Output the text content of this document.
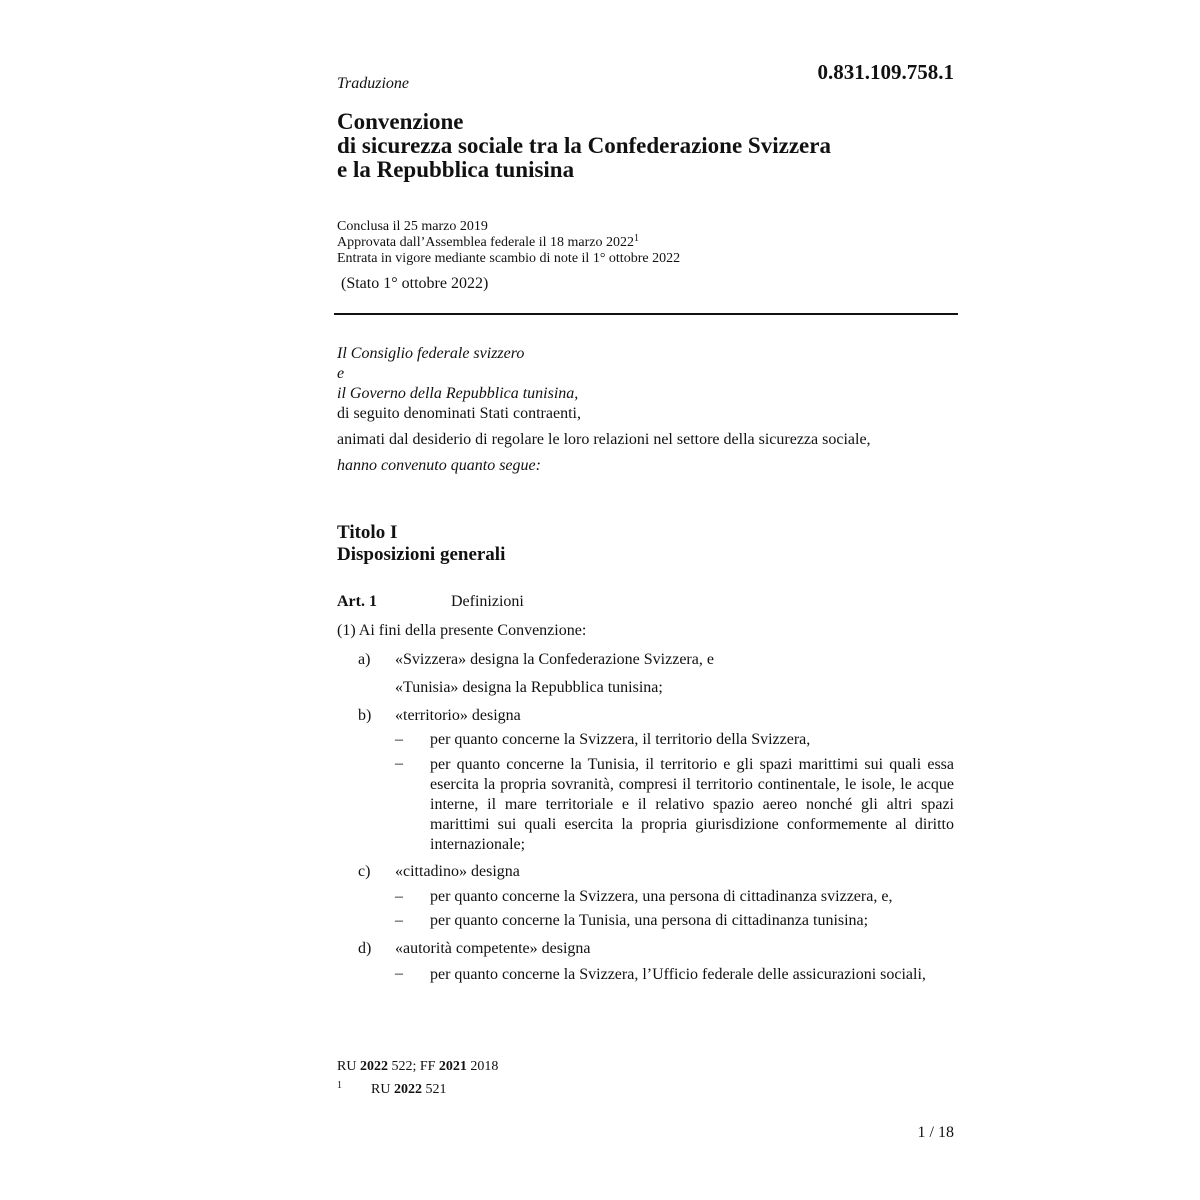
0.831.109.758.1
Traduzione
Convenzione
di sicurezza sociale tra la Confederazione Svizzera
e la Repubblica tunisina
Conclusa il 25 marzo 2019
Approvata dall’Assemblea federale il 18 marzo 2022$^1$
Entrata in vigore mediante scambio di note il 1° ottobre 2022
(Stato 1° ottobre 2022)
Il Consiglio federale svizzero
e
il Governo della Repubblica tunisina,
di seguito denominati Stati contraenti,
animati dal desiderio di regolare le loro relazioni nel settore della sicurezza sociale,
hanno convenuto quanto segue:
Titolo I
Disposizioni generali
Art. 1	Definizioni
(1) Ai fini della presente Convenzione:
a) «Svizzera» designa la Confederazione Svizzera, e
«Tunisia» designa la Repubblica tunisina;
b) «territorio» designa
– per quanto concerne la Svizzera, il territorio della Svizzera,
– per quanto concerne la Tunisia, il territorio e gli spazi marittimi sui quali essa esercita la propria sovranità, compresi il territorio continentale, le isole, le acque interne, il mare territoriale e il relativo spazio aereo nonché gli altri spazi marittimi sui quali esercita la propria giurisdizione conformemente al diritto internazionale;
c) «cittadino» designa
– per quanto concerne la Svizzera, una persona di cittadinanza svizzera, e,
– per quanto concerne la Tunisia, una persona di cittadinanza tunisina;
d) «autorità competente» designa
– per quanto concerne la Svizzera, l’Ufficio federale delle assicurazioni sociali,
RU 2022 522; FF 2021 2018
1 RU 2022 521
1 / 18
